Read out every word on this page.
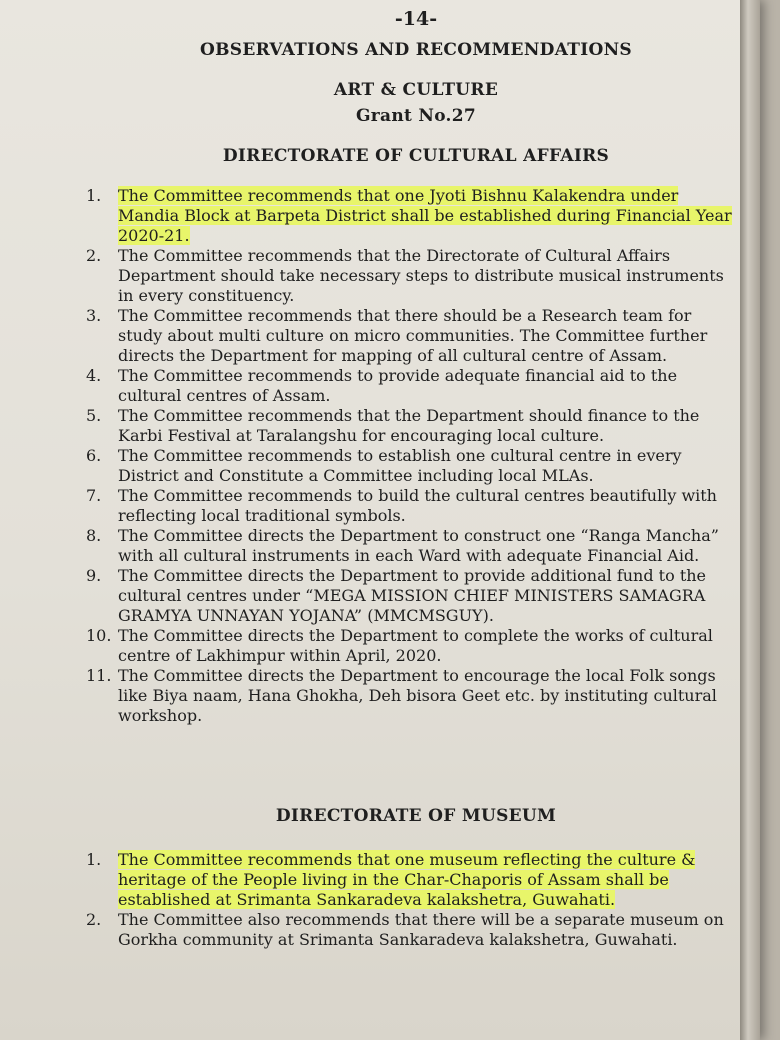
-14-
OBSERVATIONS AND RECOMMENDATIONS
ART & CULTURE
Grant No.27
DIRECTORATE OF CULTURAL AFFAIRS
1. The Committee recommends that one Jyoti Bishnu Kalakendra under Mandia Block at Barpeta District shall be established during Financial Year 2020-21.
2. The Committee recommends that the Directorate of Cultural Affairs Department should take necessary steps to distribute musical instruments in every constituency.
3. The Committee recommends that there should be a Research team for study about multi culture on micro communities. The Committee further directs the Department for mapping of all cultural centre of Assam.
4. The Committee recommends to provide adequate financial aid to the cultural centres of Assam.
5. The Committee recommends that the Department should finance to the Karbi Festival at Taralangshu for encouraging local culture.
6. The Committee recommends to establish one cultural centre in every District and Constitute a Committee including local MLAs.
7. The Committee recommends to build the cultural centres beautifully with reflecting local traditional symbols.
8. The Committee directs the Department to construct one “Ranga Mancha” with all cultural instruments in each Ward with adequate Financial Aid.
9. The Committee directs the Department to provide additional fund to the cultural centres under “MEGA MISSION CHIEF MINISTERS SAMAGRA GRAMYA UNNAYAN YOJANA” (MMCMSGUY).
10. The Committee directs the Department to complete the works of cultural centre of Lakhimpur within April, 2020.
11. The Committee directs the Department to encourage the local Folk songs like Biya naam, Hana Ghokha, Deh bisora Geet etc. by instituting cultural workshop.
DIRECTORATE OF MUSEUM
1. The Committee recommends that one museum reflecting the culture & heritage of the People living in the Char-Chaporis of Assam shall be established at Srimanta Sankaradeva kalakshetra, Guwahati.
2. The Committee also recommends that there will be a separate museum on Gorkha community at Srimanta Sankaradeva kalakshetra, Guwahati.
